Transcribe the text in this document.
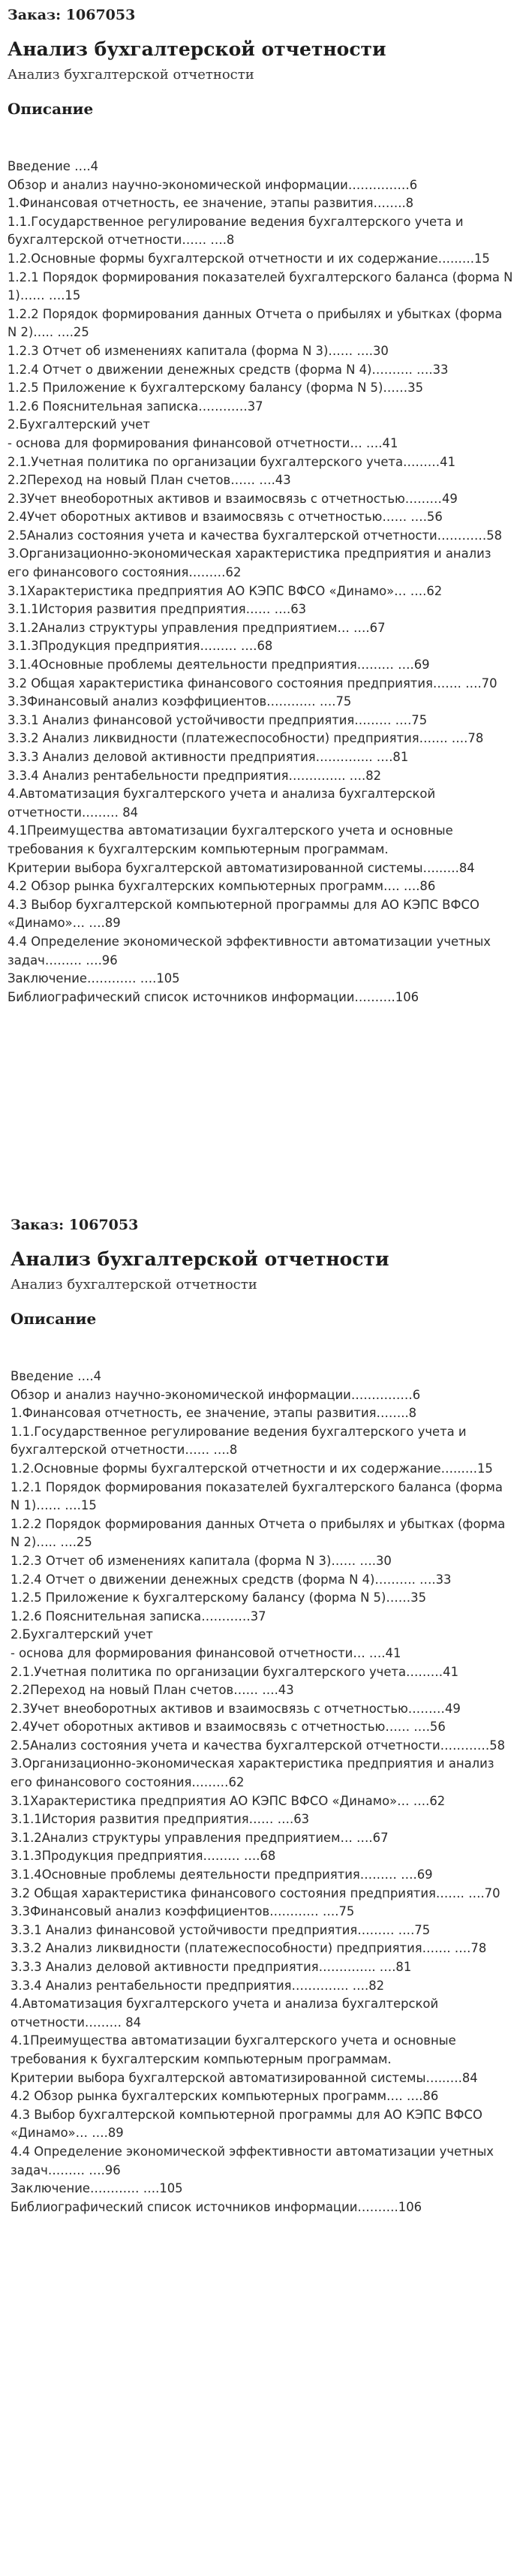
Заказ: 1067053
Анализ бухгалтерской отчетности
Анализ бухгалтерской отчетности
Описание
Введение ….4
Обзор и анализ научно-экономической информации……………6
1.Финансовая отчетность, ее значение, этапы развития……..8
1.1.Государственное регулирование ведения бухгалтерского учета и бухгалтерской отчетности…… ….8
1.2.Основные формы бухгалтерской отчетности и их содержание…..….15
1.2.1 Порядок формирования показателей бухгалтерского баланса (форма N 1)…… ….15
1.2.2 Порядок формирования данных Отчета о прибылях и убытках (форма N 2)….. ….25
1.2.3 Отчет об изменениях капитала (форма N 3)…… ….30
1.2.4 Отчет о движении денежных средств (форма N 4)………. ….33
1.2.5 Приложение к бухгалтерскому балансу (форма N 5)……35
1.2.6 Пояснительная записка…………37
2.Бухгалтерский учет
- основа для формирования финансовой отчетности… ….41
2.1.Учетная политика по организации бухгалтерского учета………41
2.2Переход на новый План счетов…… ….43
2.3Учет внеоборотных активов и взаимосвязь с отчетностью………49
2.4Учет оборотных активов и взаимосвязь с отчетностью…… ….56
2.5Анализ состояния учета и качества бухгалтерской отчетности…………58
3.Организационно-экономическая характеристика предприятия и анализ его финансового состояния………62
3.1Характеристика предприятия АО КЭПС ВФСО «Динамо»… ….62
3.1.1История развития предприятия…… ….63
3.1.2Анализ структуры управления предприятием… ….67
3.1.3Продукция предприятия……… ….68
3.1.4Основные проблемы деятельности предприятия……… ….69
3.2 Общая характеристика финансового состояния предприятия……. ….70
3.3Финансовый анализ коэффициентов………… ….75
3.3.1 Анализ финансовой устойчивости предприятия……… ….75
3.3.2 Анализ ликвидности (платежеспособности) предприятия……. ….78
3.3.3 Анализ деловой активности предприятия………….. ….81
3.3.4 Анализ рентабельности предприятия………….. ….82
4.Автоматизация бухгалтерского учета и анализа бухгалтерской отчетности……… 84
4.1Преимущества автоматизации бухгалтерского учета и основные требования к бухгалтерским компьютерным программам.
Критерии выбора бухгалтерской автоматизированной системы…..….84
4.2 Обзор рынка бухгалтерских компьютерных программ…. ….86
4.3 Выбор бухгалтерской компьютерной программы для АО КЭПС ВФСО «Динамо»… ….89
4.4 Определение экономической эффективности автоматизации учетных задач……… ….96
Заключение………… ….105
Библиографический список источников информации……….106
Заказ: 1067053
Анализ бухгалтерской отчетности
Анализ бухгалтерской отчетности
Описание
Введение ….4
Обзор и анализ научно-экономической информации……………6
1.Финансовая отчетность, ее значение, этапы развития……..8
1.1.Государственное регулирование ведения бухгалтерского учета и бухгалтерской отчетности…… ….8
1.2.Основные формы бухгалтерской отчетности и их содержание…..….15
1.2.1 Порядок формирования показателей бухгалтерского баланса (форма N 1)…… ….15
1.2.2 Порядок формирования данных Отчета о прибылях и убытках (форма N 2)….. ….25
1.2.3 Отчет об изменениях капитала (форма N 3)…… ….30
1.2.4 Отчет о движении денежных средств (форма N 4)………. ….33
1.2.5 Приложение к бухгалтерскому балансу (форма N 5)……35
1.2.6 Пояснительная записка…………37
2.Бухгалтерский учет
- основа для формирования финансовой отчетности… ….41
2.1.Учетная политика по организации бухгалтерского учета………41
2.2Переход на новый План счетов…… ….43
2.3Учет внеоборотных активов и взаимосвязь с отчетностью………49
2.4Учет оборотных активов и взаимосвязь с отчетностью…… ….56
2.5Анализ состояния учета и качества бухгалтерской отчетности…………58
3.Организационно-экономическая характеристика предприятия и анализ его финансового состояния………62
3.1Характеристика предприятия АО КЭПС ВФСО «Динамо»… ….62
3.1.1История развития предприятия…… ….63
3.1.2Анализ структуры управления предприятием… ….67
3.1.3Продукция предприятия……… ….68
3.1.4Основные проблемы деятельности предприятия……… ….69
3.2 Общая характеристика финансового состояния предприятия……. ….70
3.3Финансовый анализ коэффициентов………… ….75
3.3.1 Анализ финансовой устойчивости предприятия……… ….75
3.3.2 Анализ ликвидности (платежеспособности) предприятия……. ….78
3.3.3 Анализ деловой активности предприятия………….. ….81
3.3.4 Анализ рентабельности предприятия………….. ….82
4.Автоматизация бухгалтерского учета и анализа бухгалтерской отчетности……… 84
4.1Преимущества автоматизации бухгалтерского учета и основные требования к бухгалтерским компьютерным программам.
Критерии выбора бухгалтерской автоматизированной системы…..….84
4.2 Обзор рынка бухгалтерских компьютерных программ…. ….86
4.3 Выбор бухгалтерской компьютерной программы для АО КЭПС ВФСО «Динамо»… ….89
4.4 Определение экономической эффективности автоматизации учетных задач……… ….96
Заключение………… ….105
Библиографический список источников информации……….106
